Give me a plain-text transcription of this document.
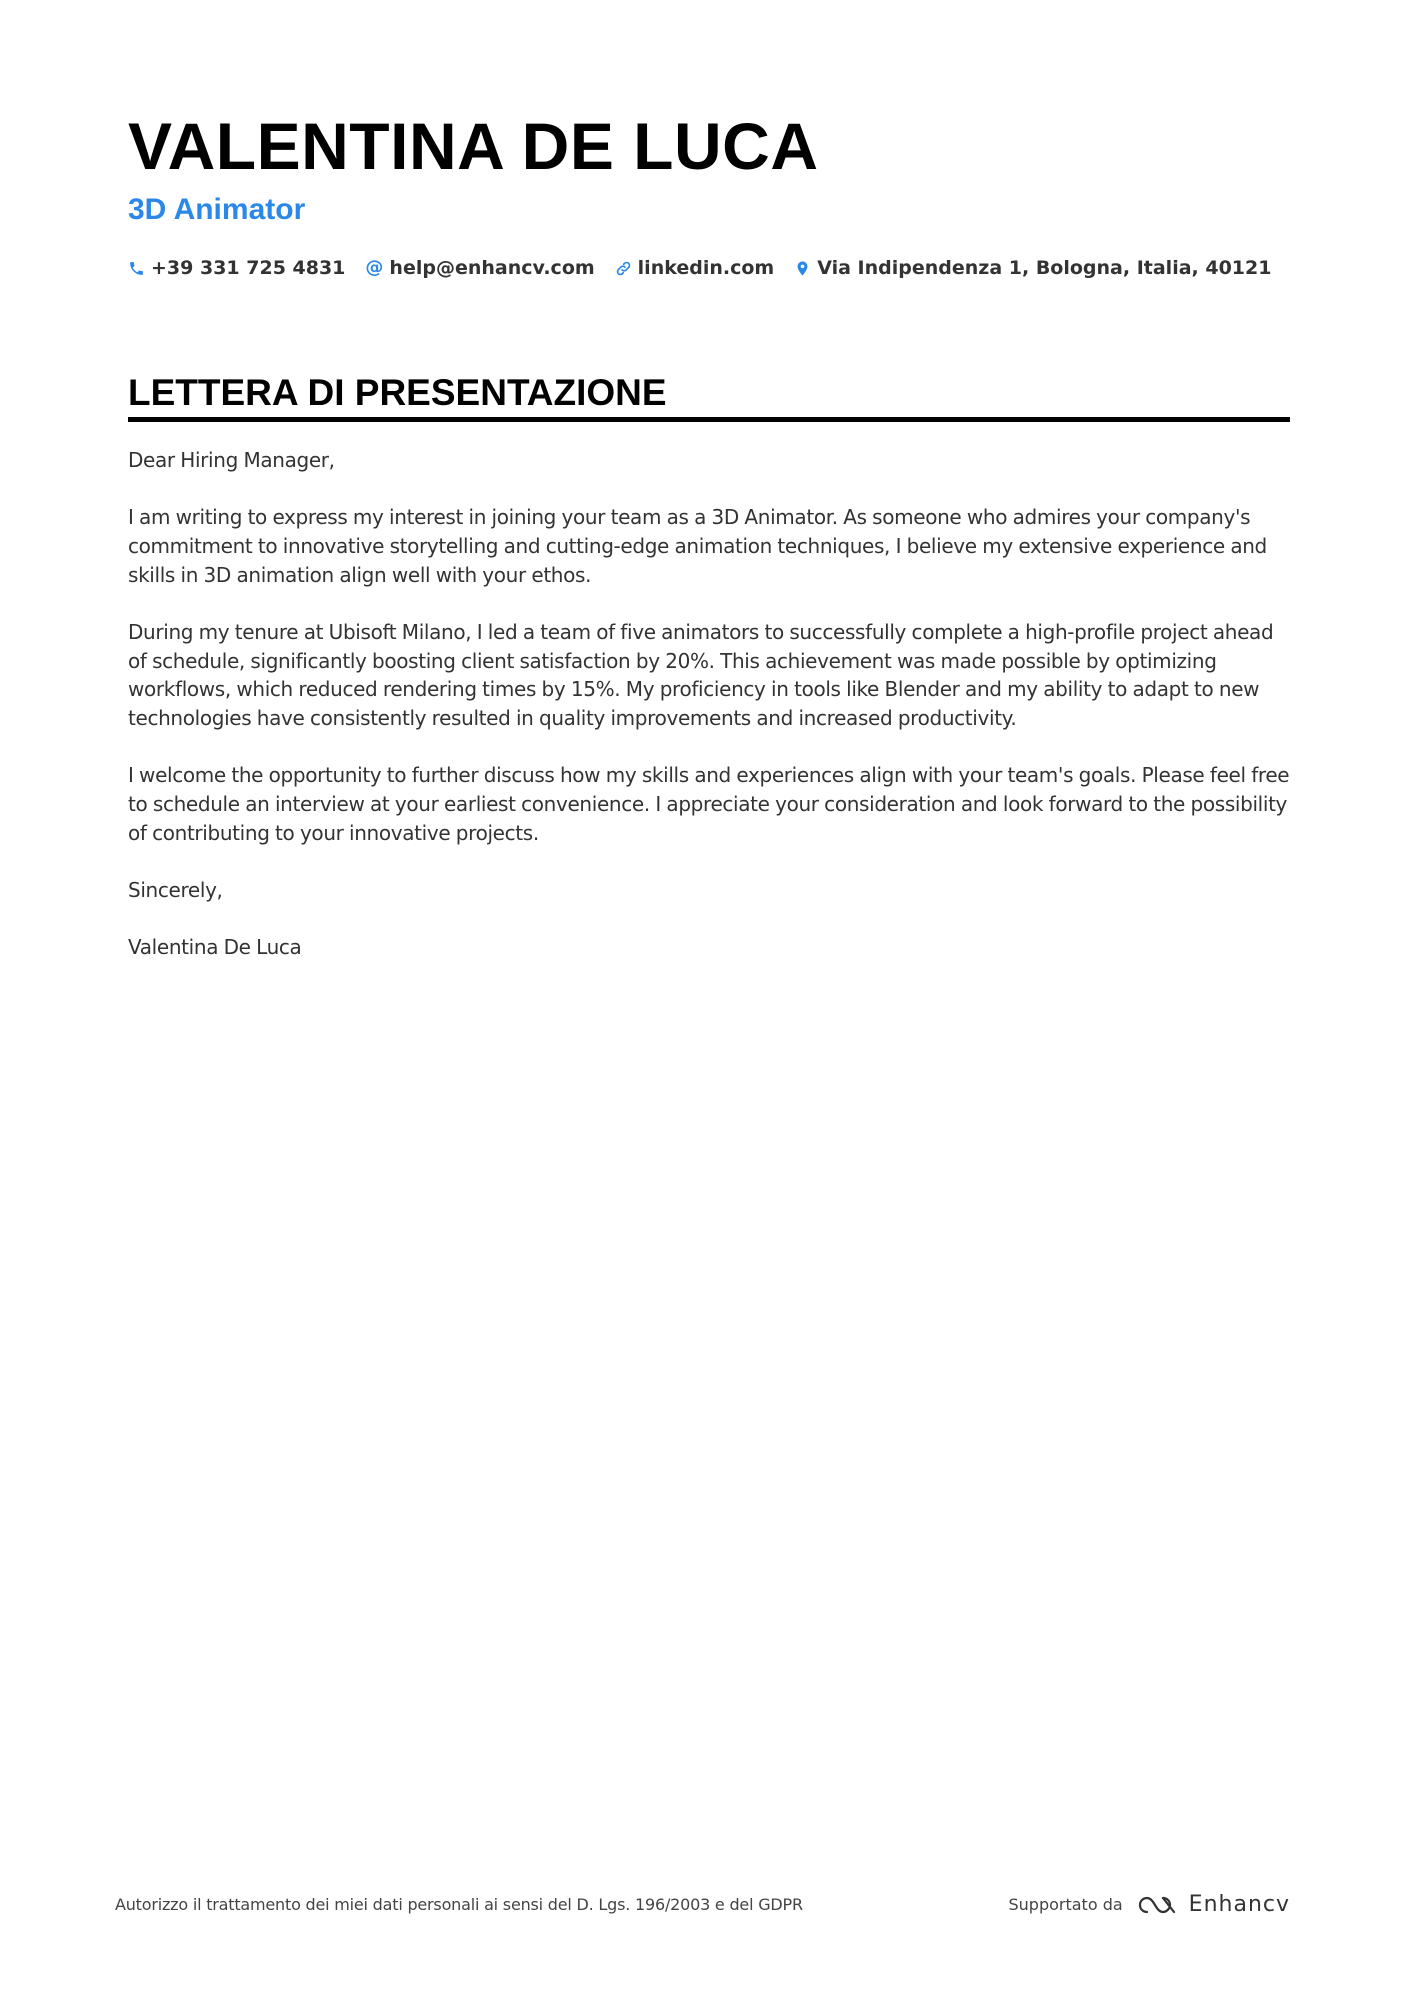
VALENTINA DE LUCA
3D Animator
+39 331 725 4831 @ help@enhancv.com linkedin.com Via Indipendenza 1, Bologna, Italia, 40121
LETTERA DI PRESENTAZIONE

Dear Hiring Manager,

I am writing to express my interest in joining your team as a 3D Animator. As someone who admires your company's commitment to innovative storytelling and cutting-edge animation techniques, I believe my extensive experience and skills in 3D animation align well with your ethos.

During my tenure at Ubisoft Milano, I led a team of five animators to successfully complete a high-profile project ahead of schedule, significantly boosting client satisfaction by 20%. This achievement was made possible by optimizing workflows, which reduced rendering times by 15%. My proficiency in tools like Blender and my ability to adapt to new technologies have consistently resulted in quality improvements and increased productivity.

I welcome the opportunity to further discuss how my skills and experiences align with your team's goals. Please feel free to schedule an interview at your earliest convenience. I appreciate your consideration and look forward to the possibility of contributing to your innovative projects.

Sincerely,

Valentina De Luca

Autorizzo il trattamento dei miei dati personali ai sensi del D. Lgs. 196/2003 e del GDPR	Supportato da	Enhancv
